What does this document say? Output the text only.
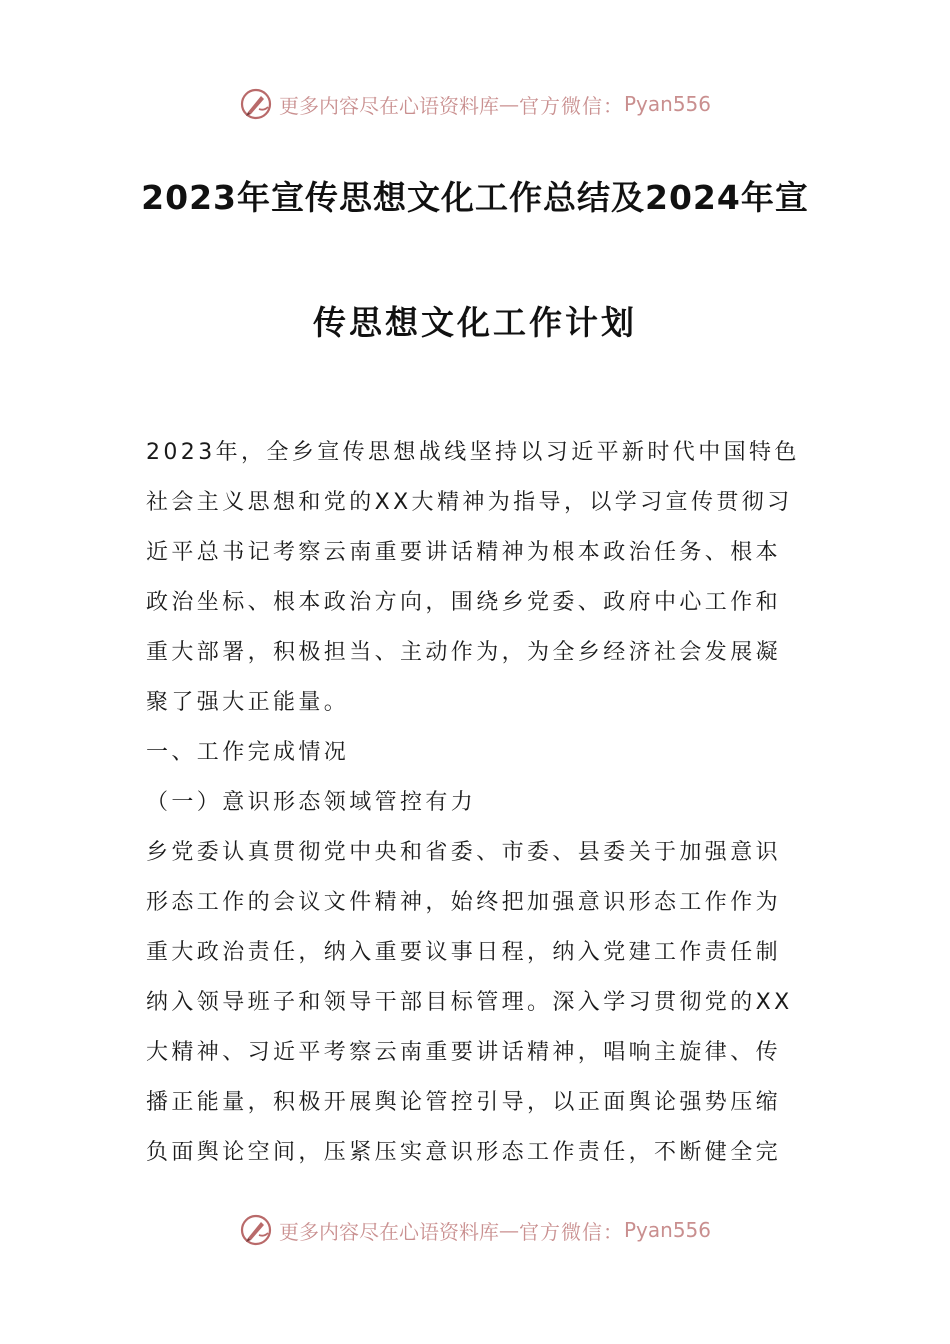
更多内容尽在心语资料库 — 官方微信： Pyan556
2023年宣传思想文化工作总结及2024年宣
传思想文化工作计划

2023年，全乡宣传思想战线坚持以习近平新时代中国特色

社会主义思想和党的XX大精神为指导，以学习宣传贯彻习

近平总书记考察云南重要讲话精神为根本政治任务、根本

政治坐标、根本政治方向，围绕乡党委、政府中心工作和

重大部署，积极担当、主动作为，为全乡经济社会发展凝

聚了强大正能量。

一、工作完成情况

（一）意识形态领域管控有力

乡党委认真贯彻党中央和省委、市委、县委关于加强意识

形态工作的会议文件精神，始终把加强意识形态工作作为

重大政治责任，纳入重要议事日程，纳入党建工作责任制

纳入领导班子和领导干部目标管理。深入学习贯彻党的XX

大精神、习近平考察云南重要讲话精神，唱响主旋律、传

播正能量，积极开展舆论管控引导，以正面舆论强势压缩

负面舆论空间，压紧压实意识形态工作责任，不断健全完

更多内容尽在心语资料库 — 官方微信： Pyan556
